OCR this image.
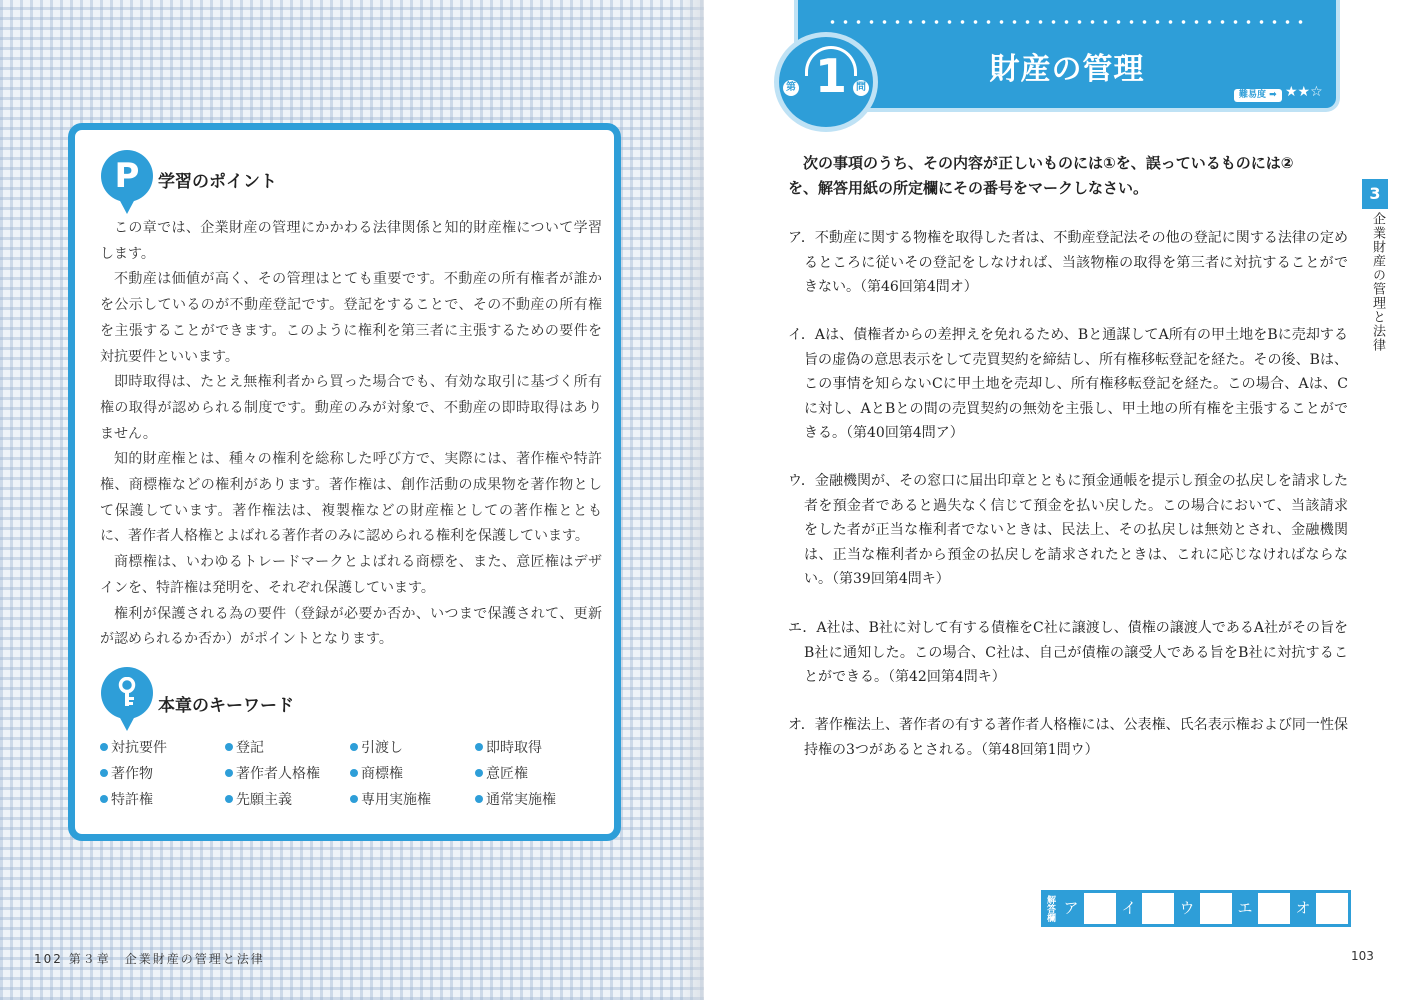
P 学習のポイント

この章では、企業財産の管理にかかわる法律関係と知的財産権について学習します。

不動産は価値が高く、その管理はとても重要です。不動産の所有権者が誰かを公示しているのが不動産登記です。登記をすることで、その不動産の所有権を主張することができます。このように権利を第三者に主張するための要件を対抗要件といいます。

即時取得は、たとえ無権利者から買った場合でも、有効な取引に基づく所有権の取得が認められる制度です。動産のみが対象で、不動産の即時取得はありません。

知的財産権とは、種々の権利を総称した呼び方で、実際には、著作権や特許権、商標権などの権利があります。著作権は、創作活動の成果物を著作物として保護しています。著作権法は、複製権などの財産権としての著作権とともに、著作者人格権とよばれる著作者のみに認められる権利を保護しています。

商標権は、いわゆるトレードマークとよばれる商標を、また、意匠権はデザインを、特許権は発明を、それぞれ保護しています。

権利が保護される為の要件（登録が必要か否か、いつまで保護されて、更新が認められるか否か）がポイントとなります。

本章のキーワード
対抗要件	登記	引渡し	即時取得
著作物	著作者人格権	商標権	意匠権
特許権	先願主義	専用実施権	通常実施権
102 第３章　企業財産の管理と法律
財産の管理
難易度 ➡ ★★☆
第 1 問
次の事項のうち、その内容が正しいものには①を、誤っているものには②
を、解答用紙の所定欄にその番号をマークしなさい。
ア．不動産に関する物権を取得した者は、不動産登記法その他の登記に関する法律の定めるところに従いその登記をしなければ、当該物権の取得を第三者に対抗することができない。（第46回第4問オ）
イ．Aは、債権者からの差押えを免れるため、Bと通謀してA所有の甲土地をBに売却する旨の虚偽の意思表示をして売買契約を締結し、所有権移転登記を経た。その後、Bは、この事情を知らないCに甲土地を売却し、所有権移転登記を経た。この場合、Aは、Cに対し、AとBとの間の売買契約の無効を主張し、甲土地の所有権を主張することができる。（第40回第4問ア）
ウ．金融機関が、その窓口に届出印章とともに預金通帳を提示し預金の払戻しを請求した者を預金者であると過失なく信じて預金を払い戻した。この場合において、当該請求をした者が正当な権利者でないときは、民法上、その払戻しは無効とされ、金融機関は、正当な権利者から預金の払戻しを請求されたときは、これに応じなければならない。（第39回第4問キ）
エ．A社は、B社に対して有する債権をC社に譲渡し、債権の譲渡人であるA社がその旨をB社に通知した。この場合、C社は、自己が債権の譲受人である旨をB社に対抗することができる。（第42回第4問キ）
オ．著作権法上、著作者の有する著作者人格権には、公表権、氏名表示権および同一性保持権の3つがあるとされる。（第48回第1問ウ）
3
企業財産の管理と法律
解答欄 ア	イ	ウ	エ	オ
103
